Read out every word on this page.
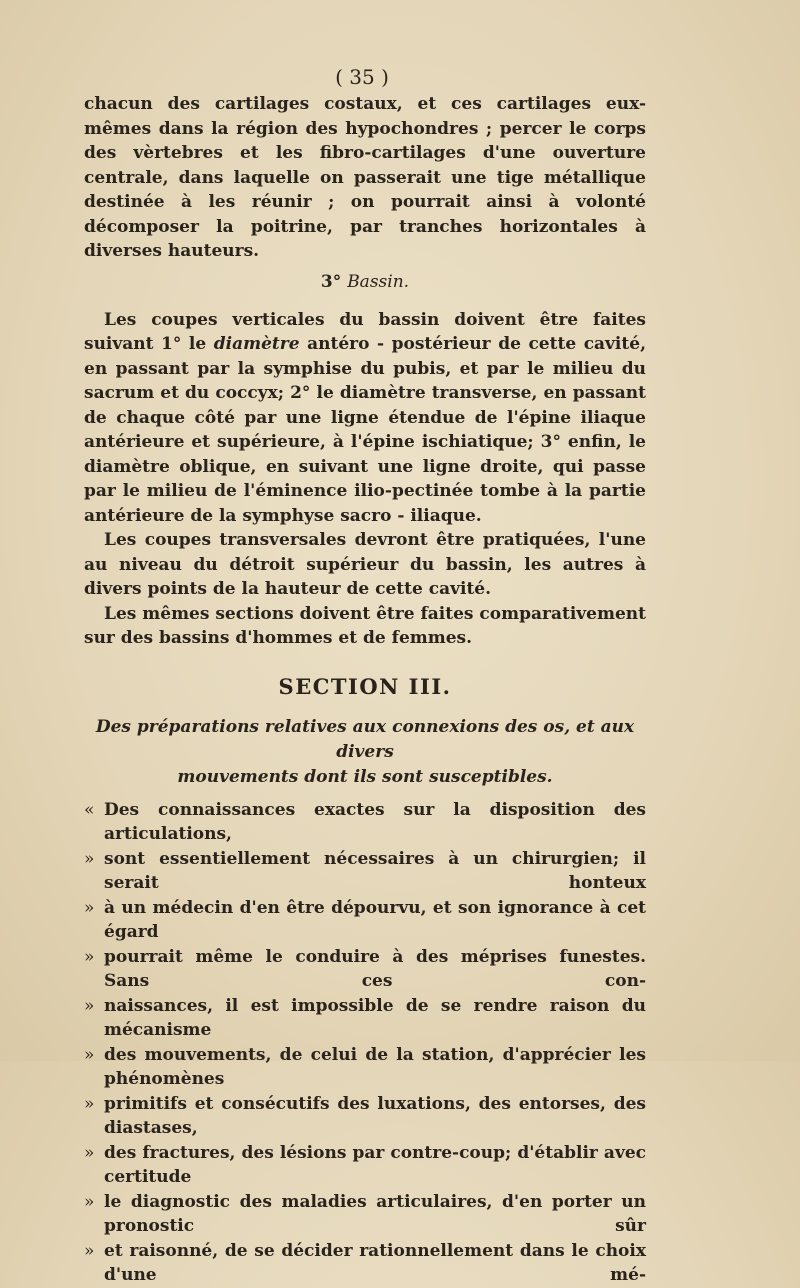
( 35 )

chacun des cartilages costaux, et ces cartilages eux-mêmes dans la région des hypochondres ; percer le corps des vèrtebres et les fibro-cartilages d'une ouverture centrale, dans laquelle on passerait une tige métallique destinée à les réunir ; on pourrait ainsi à volonté décomposer la poitrine, par tranches horizontales à diverses hauteurs.

3° Bassin.

Les coupes verticales du bassin doivent être faites suivant 1° le diamètre antéro - postérieur de cette cavité, en passant par la symphise du pubis, et par le milieu du sacrum et du coccyx; 2° le diamètre transverse, en passant de chaque côté par une ligne étendue de l'épine iliaque antérieure et supérieure, à l'épine ischiatique; 3° enfin, le diamètre oblique, en suivant une ligne droite, qui passe par le milieu de l'éminence ilio-pectinée tombe à la partie antérieure de la symphyse sacro - iliaque.

Les coupes transversales devront être pratiquées, l'une au niveau du détroit supérieur du bassin, les autres à divers points de la hauteur de cette cavité.

Les mêmes sections doivent être faites comparativement sur des bassins d'hommes et de femmes.

SECTION III.
Des préparations relatives aux connexions des os, et aux divers
mouvements dont ils sont susceptibles.

« Des connaissances exactes sur la disposition des articulations,

» sont essentiellement nécessaires à un chirurgien; il serait honteux

» à un médecin d'en être dépourvu, et son ignorance à cet égard

» pourrait même le conduire à des méprises funestes. Sans ces con-

» naissances, il est impossible de se rendre raison du mécanisme

» des mouvements, de celui de la station, d'apprécier les phénomènes

» primitifs et consécutifs des luxations, des entorses, des diastases,

» des fractures, des lésions par contre-coup; d'établir avec certitude

» le diagnostic des maladies articulaires, d'en porter un pronostic sûr

» et raisonné, de se décider rationnellement dans le choix d'une mé-
